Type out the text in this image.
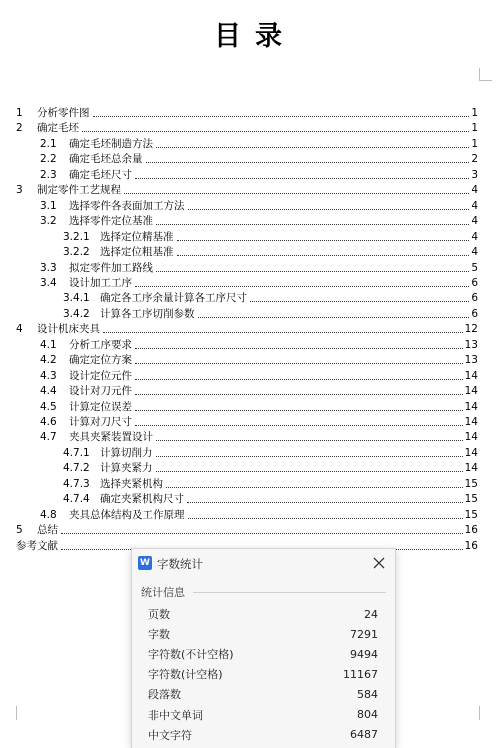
目录
1	分析零件图	1
2	确定毛坯	1
2.1	确定毛坯制造方法	1
2.2	确定毛坯总余量	2
2.3	确定毛坯尺寸	3
3	制定零件工艺规程	4
3.1	选择零件各表面加工方法	4
3.2	选择零件定位基准	4
3.2.1 选择定位精基准	4
3.2.2 选择定位粗基准	4
3.3	拟定零件加工路线	5
3.4	设计加工工序	6
3.4.1 确定各工序余量计算各工序尺寸	6
3.4.2 计算各工序切削参数	6
4	设计机床夹具	12
4.1	分析工序要求	13
4.2	确定定位方案	13
4.3	设计定位元件	14
4.4	设计对刀元件	14
4.5	计算定位误差	14
4.6	计算对刀尺寸	14
4.7	夹具夹紧装置设计	14
4.7.1 计算切削力	14
4.7.2 计算夹紧力	14
4.7.3 选择夹紧机构	15
4.7.4 确定夹紧机构尺寸	15
4.8	夹具总体结构及工作原理	15
5	总结	16
参考文献	16
W 字数统计
统计信息
页数	24
字数	7291
字符数(不计空格)	9494
字符数(计空格)	11167
段落数	584
非中文单词	804
中文字符	6487
